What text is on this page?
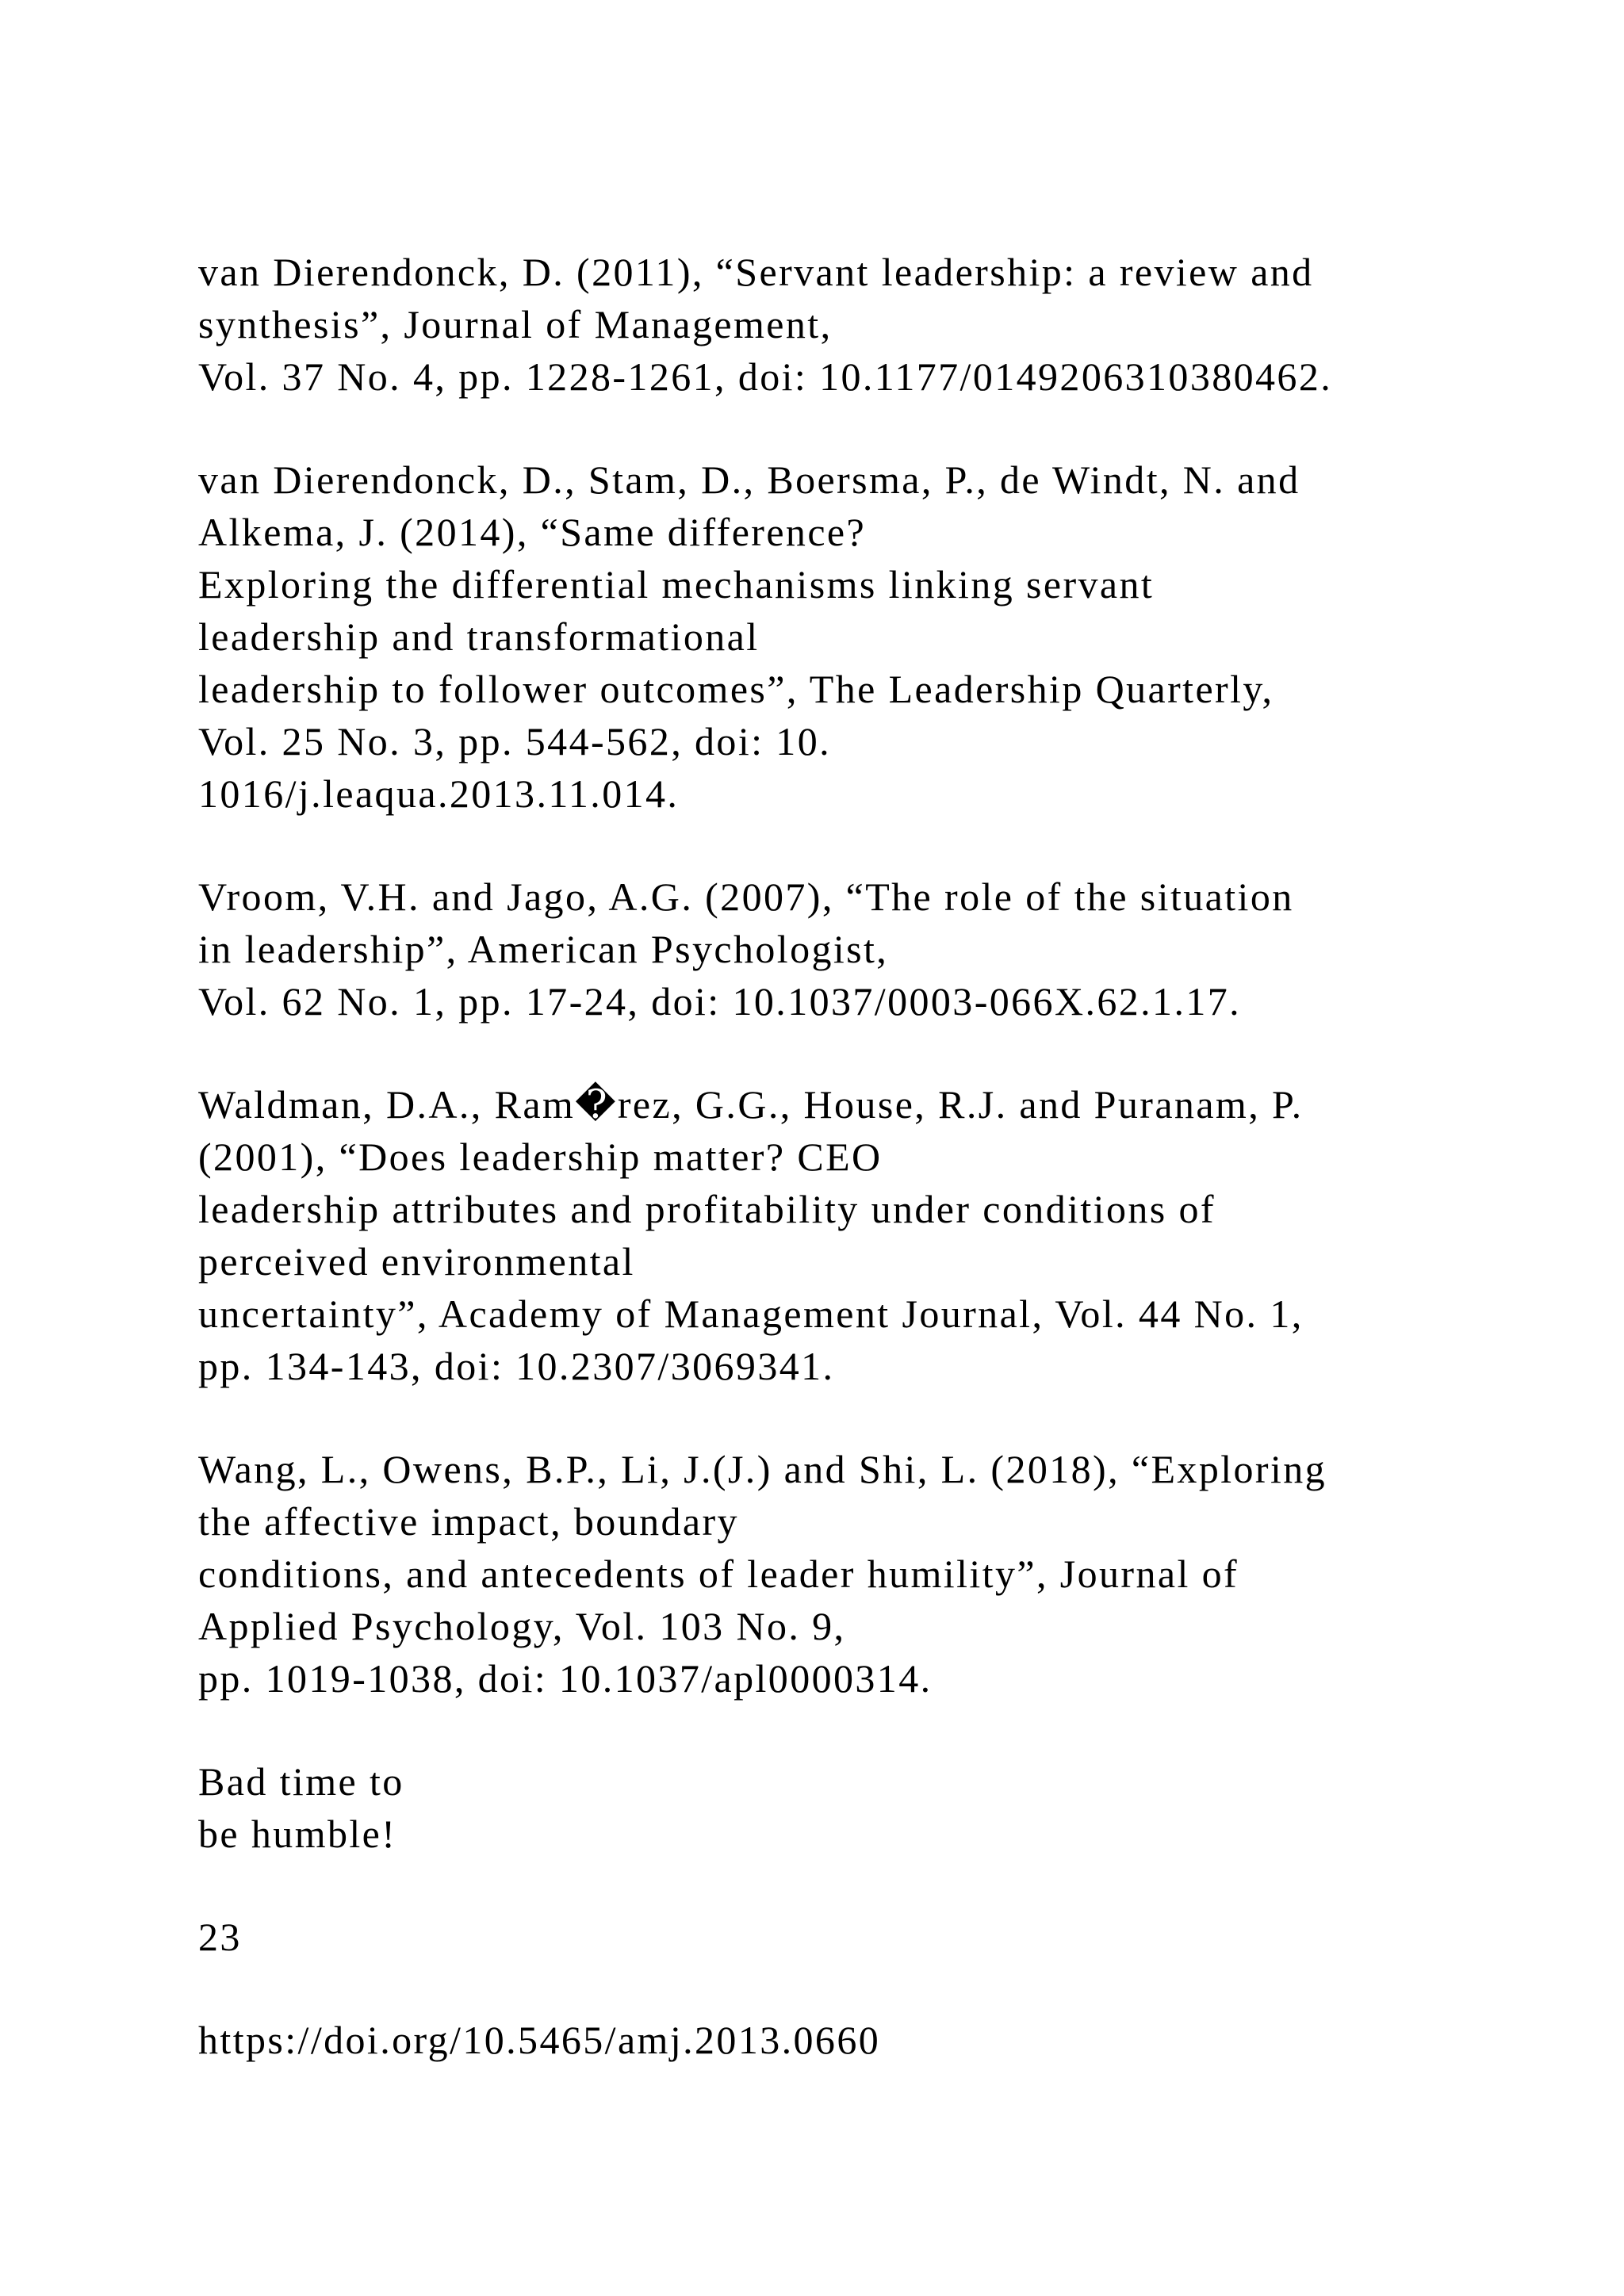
van Dierendonck, D. (2011), “Servant leadership: a review and
synthesis”, Journal of Management,
Vol. 37 No. 4, pp. 1228-1261, doi: 10.1177/0149206310380462.
van Dierendonck, D., Stam, D., Boersma, P., de Windt, N. and
Alkema, J. (2014), “Same difference?
Exploring the differential mechanisms linking servant
leadership and transformational
leadership to follower outcomes”, The Leadership Quarterly,
Vol. 25 No. 3, pp. 544-562, doi: 10.
1016/j.leaqua.2013.11.014.
Vroom, V.H. and Jago, A.G. (2007), “The role of the situation
in leadership”, American Psychologist,
Vol. 62 No. 1, pp. 17-24, doi: 10.1037/0003-066X.62.1.17.
Waldman, D.A., Ram�rez, G.G., House, R.J. and Puranam, P.
(2001), “Does leadership matter? CEO
leadership attributes and profitability under conditions of
perceived environmental
uncertainty”, Academy of Management Journal, Vol. 44 No. 1,
pp. 134-143, doi: 10.2307/3069341.
Wang, L., Owens, B.P., Li, J.(J.) and Shi, L. (2018), “Exploring
the affective impact, boundary
conditions, and antecedents of leader humility”, Journal of
Applied Psychology, Vol. 103 No. 9,
pp. 1019-1038, doi: 10.1037/apl0000314.
Bad time to
be humble!
23
https://doi.org/10.5465/amj.2013.0660
